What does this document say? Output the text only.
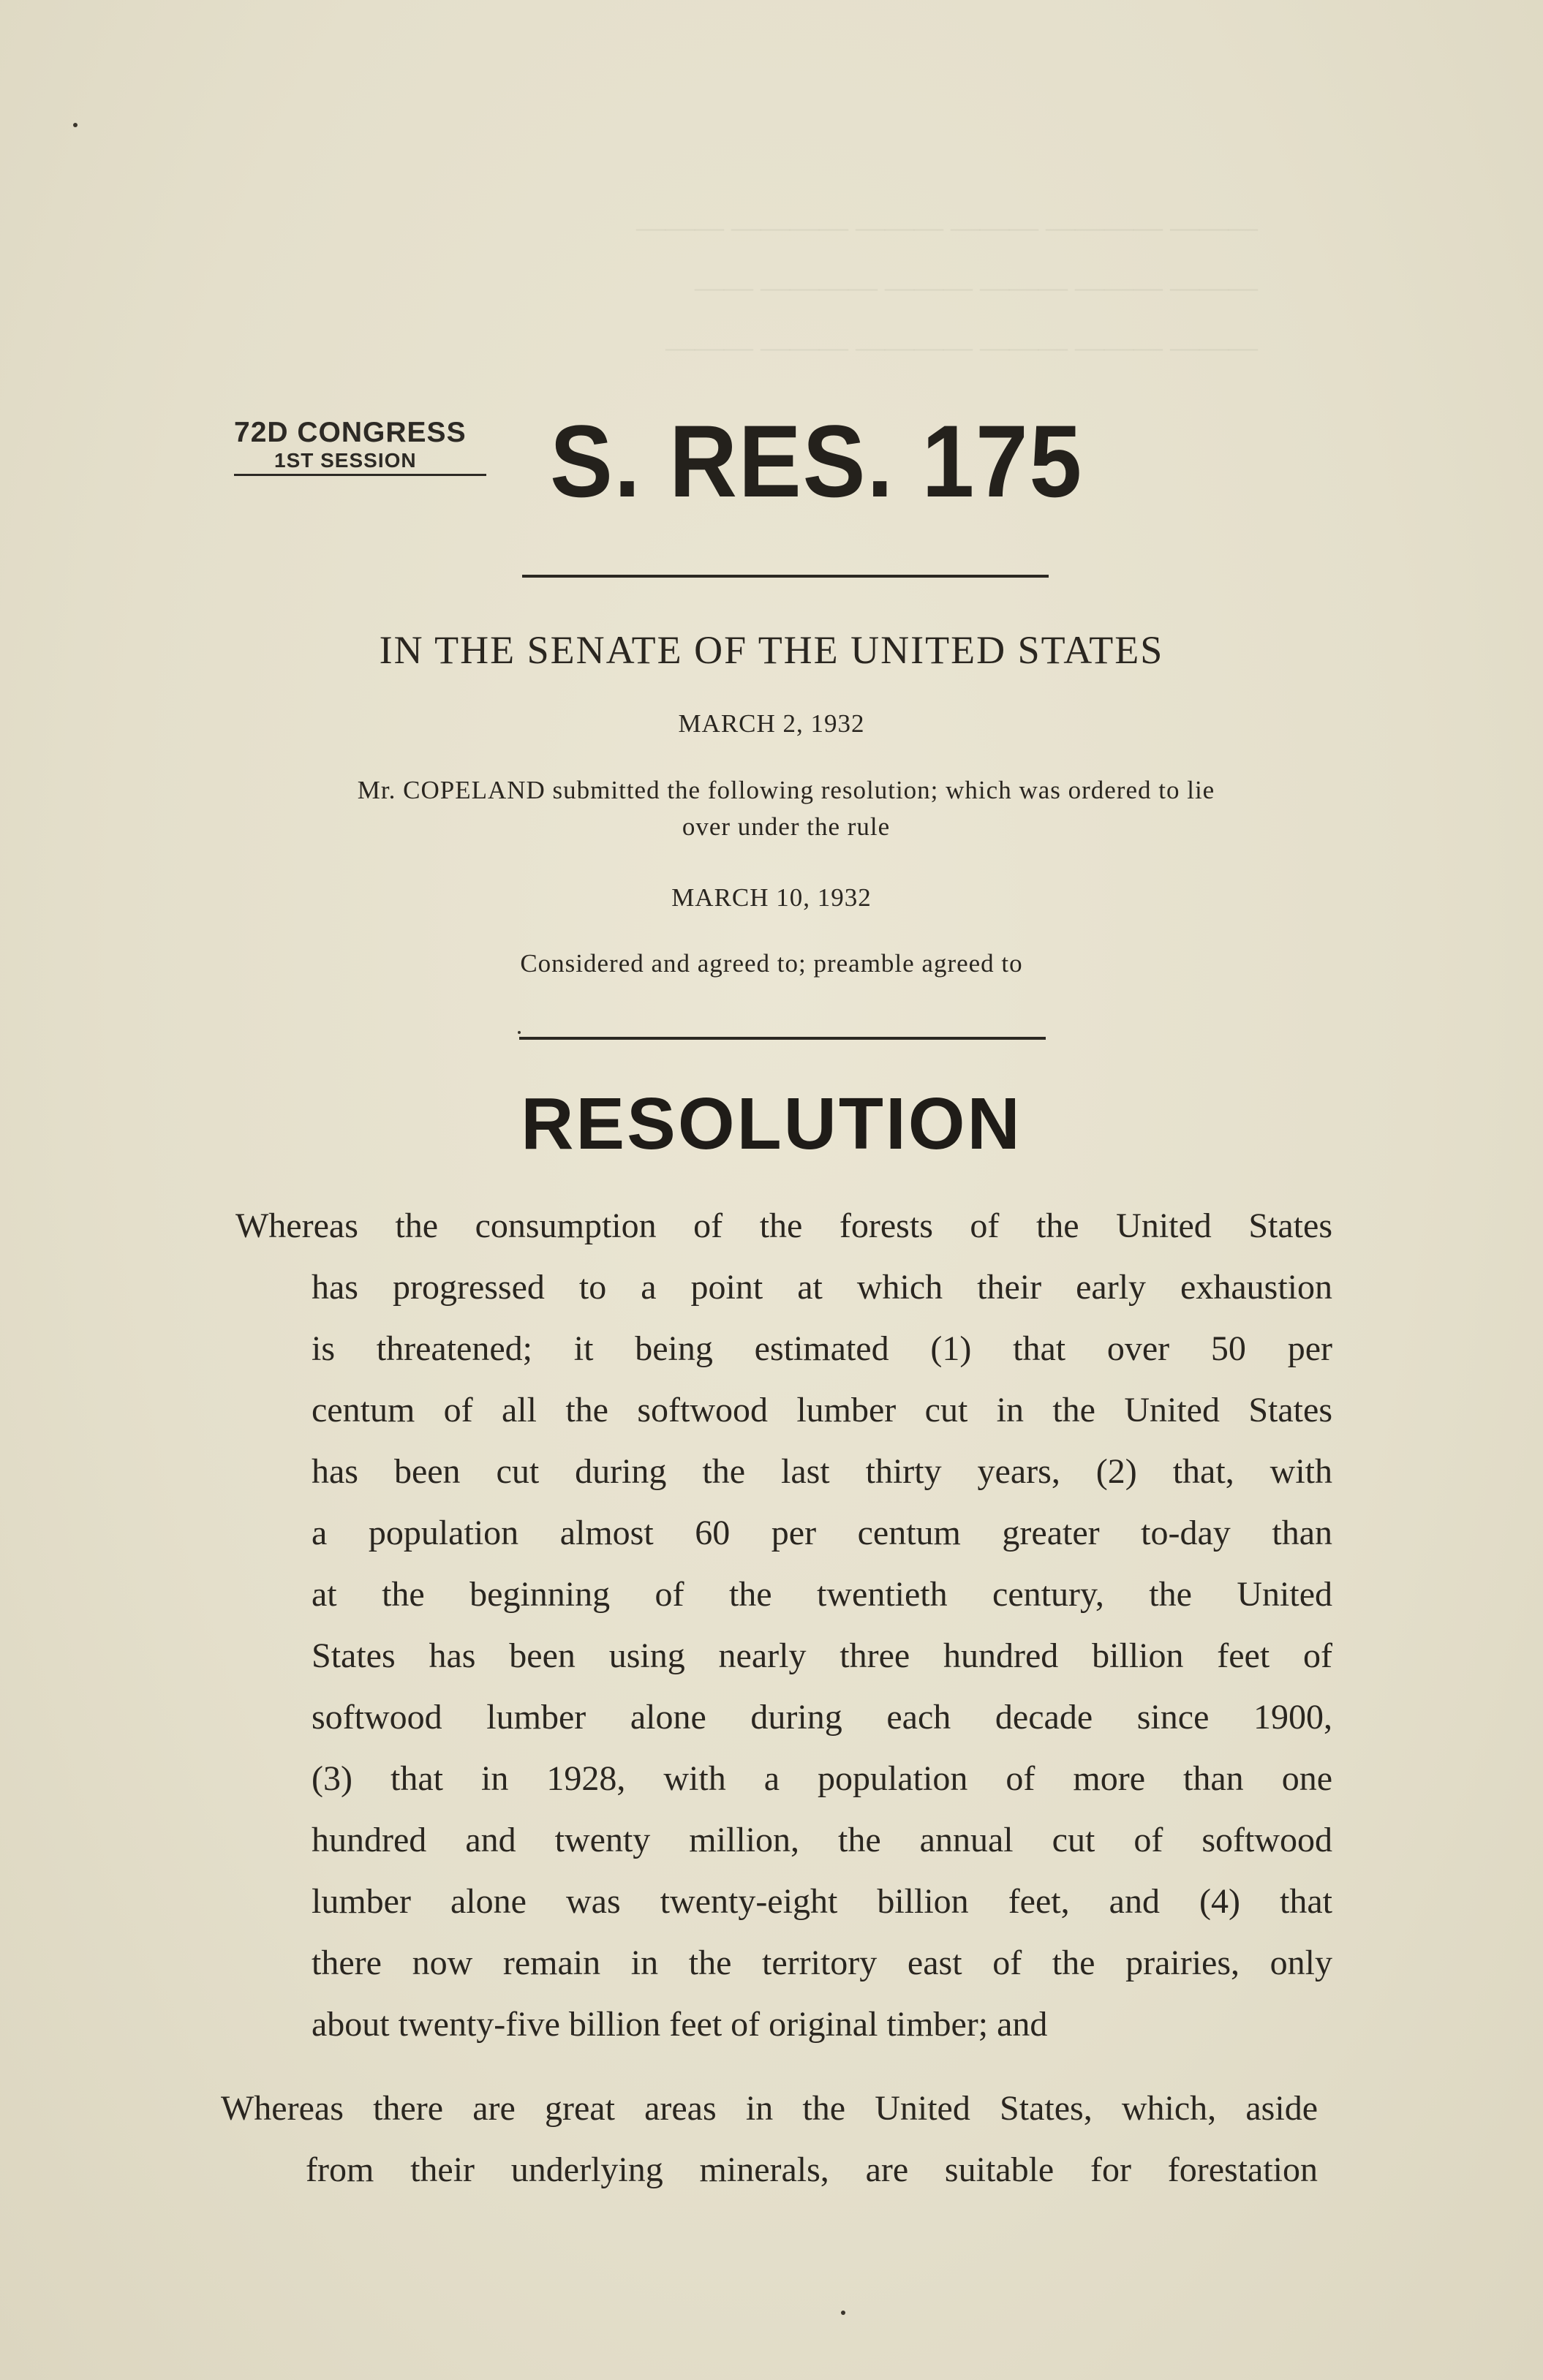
——— ———— ——— ——— ———— ———
——— ——— ——— ——— ———— ——
——— ——— ——— ———— ——— ———
72D CONGRESS
1ST SESSION	S. RES. 175
IN THE SENATE OF THE UNITED STATES
MARCH 2, 1932
Mr. COPELAND submitted the following resolution; which was ordered to lie
over under the rule
MARCH 10, 1932
Considered and agreed to; preamble agreed to
RESOLUTION
Whereas the consumption of the forests of the United States
has progressed to a point at which their early exhaustion
is threatened; it being estimated (1) that over 50 per
centum of all the softwood lumber cut in the United States
has been cut during the last thirty years, (2) that, with
a population almost 60 per centum greater to-day than
at the beginning of the twentieth century, the United
States has been using nearly three hundred billion feet of
softwood lumber alone during each decade since 1900,
(3) that in 1928, with a population of more than one
hundred and twenty million, the annual cut of softwood
lumber alone was twenty-eight billion feet, and (4) that
there now remain in the territory east of the prairies, only
about twenty-five billion feet of original timber; and
Whereas there are great areas in the United States, which, aside
from their underlying minerals, are suitable for forestation
